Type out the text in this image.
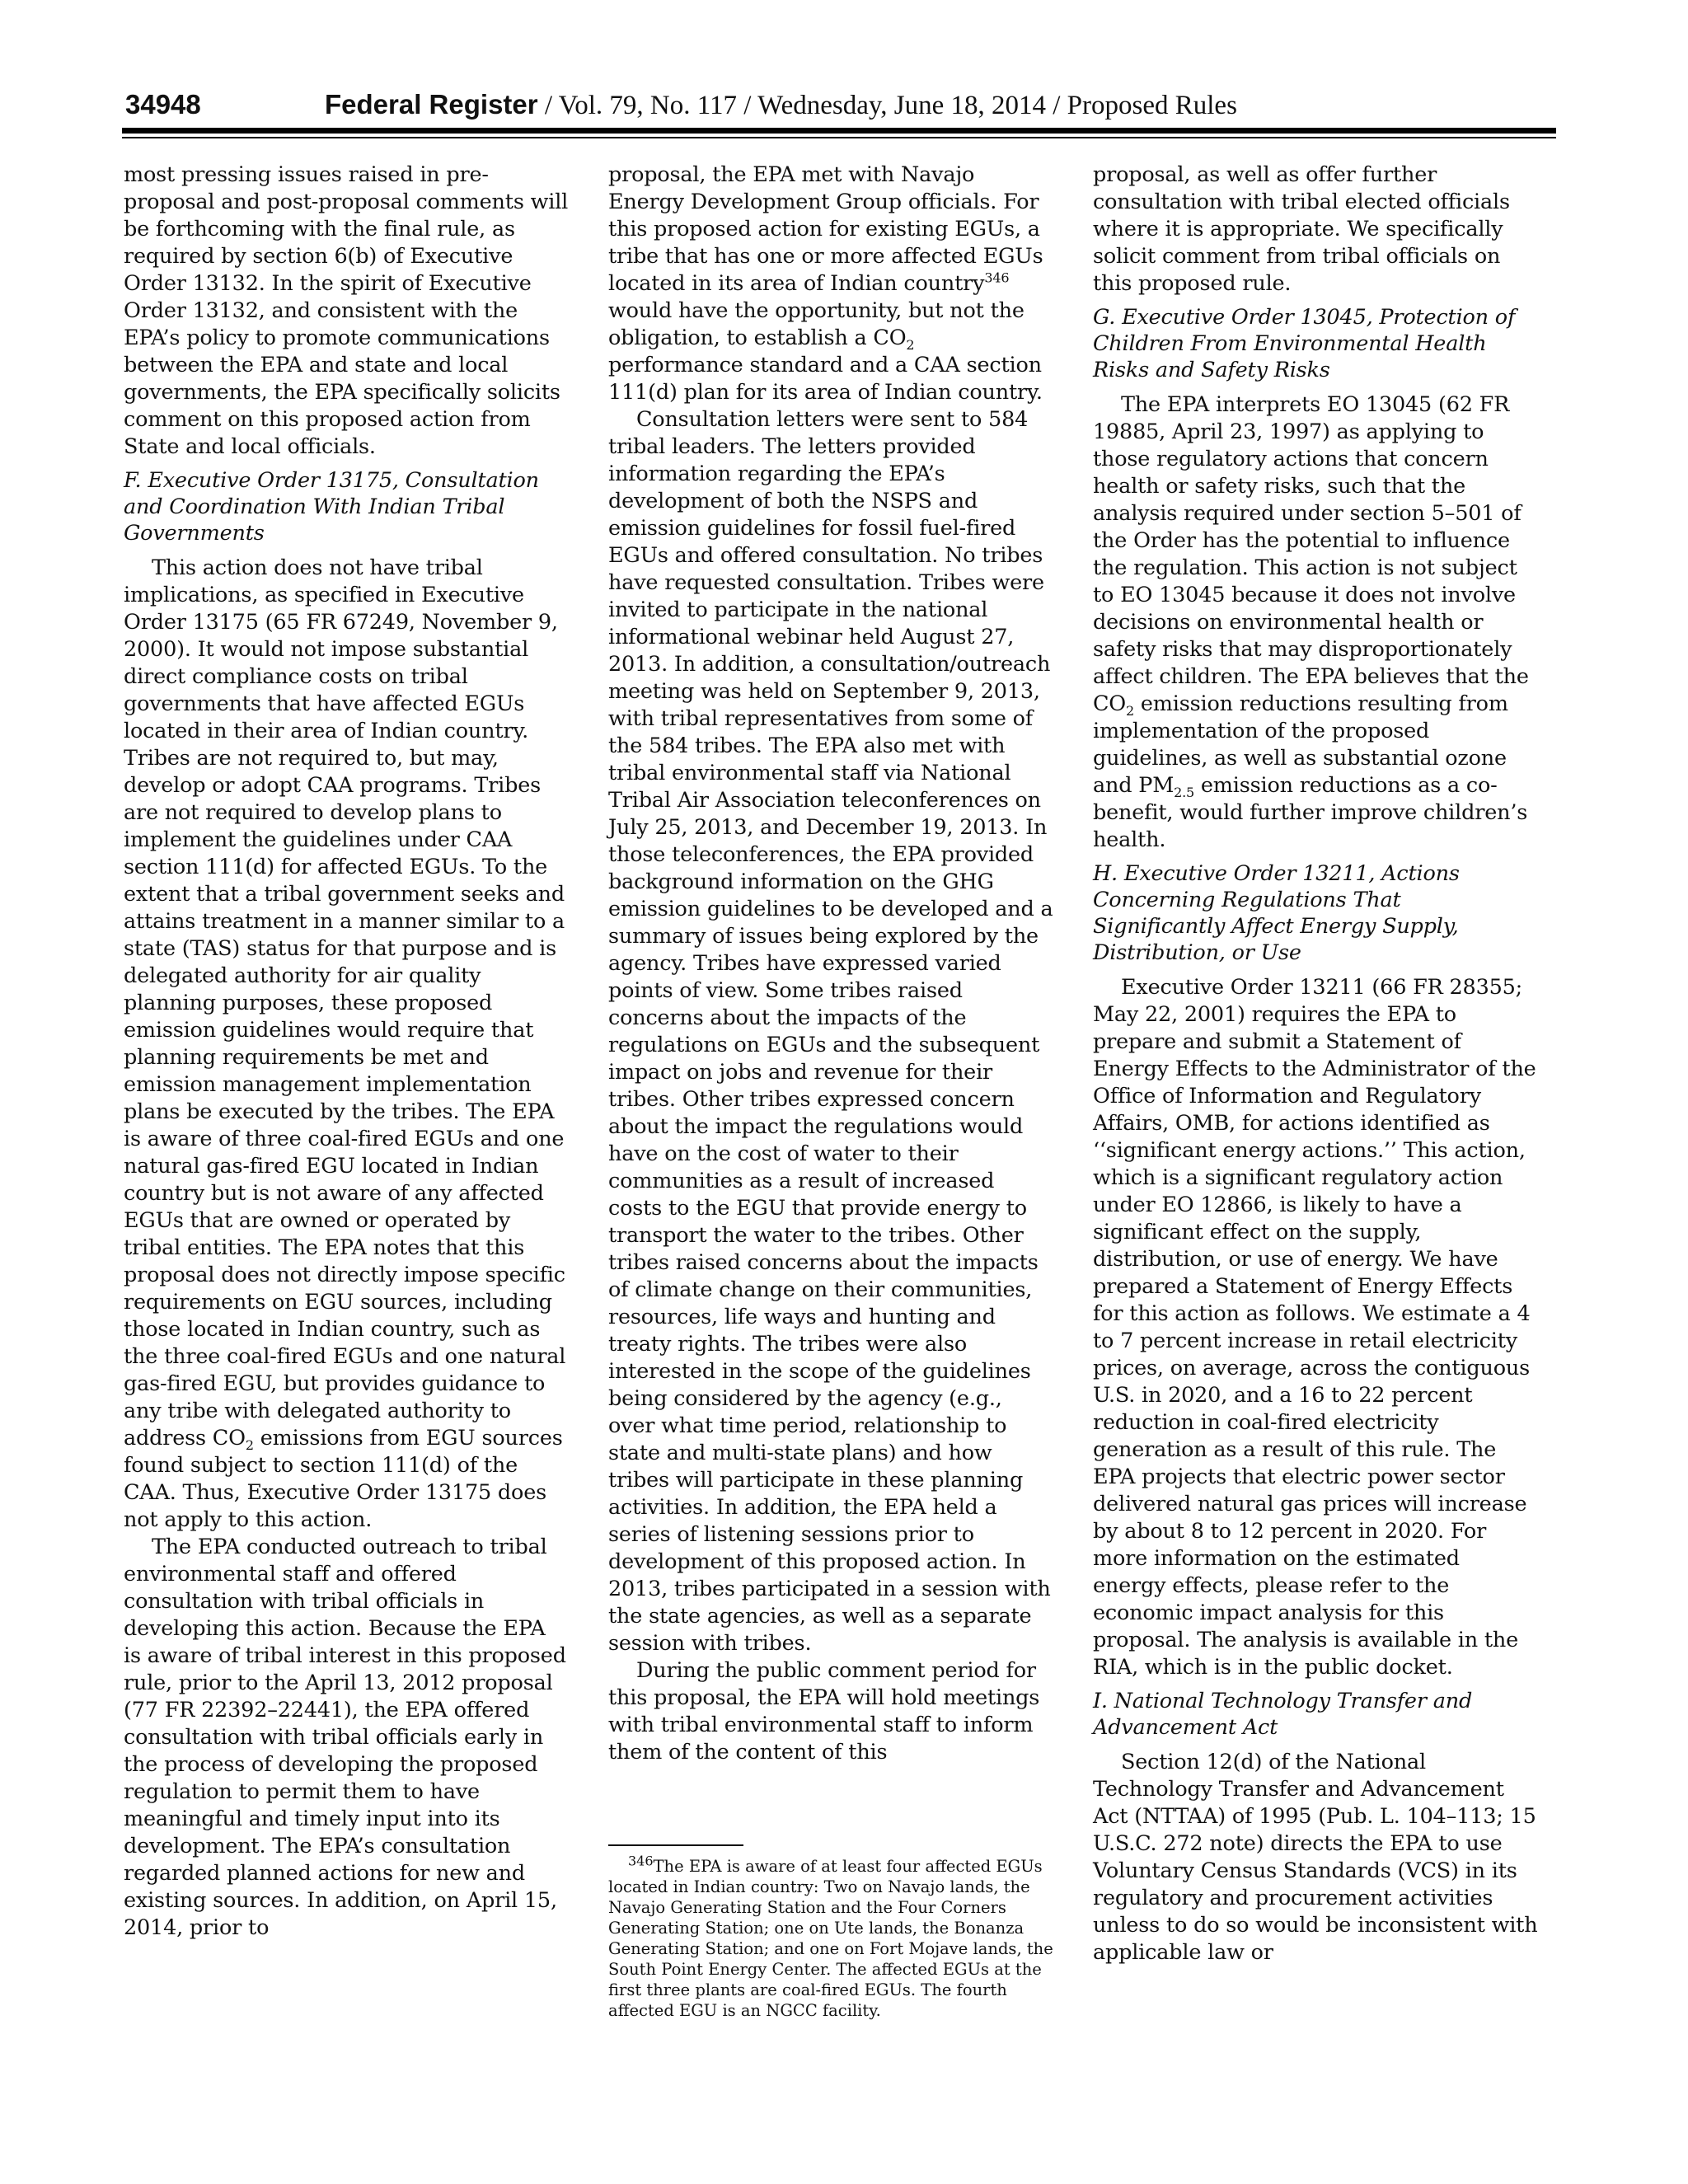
34948	Federal Register / Vol. 79, No. 117 / Wednesday, June 18, 2014 / Proposed Rules

most pressing issues raised in pre-proposal and post-proposal comments will be forthcoming with the final rule, as required by section 6(b) of Executive Order 13132. In the spirit of Executive Order 13132, and consistent with the EPA’s policy to promote communications between the EPA and state and local governments, the EPA specifically solicits comment on this proposed action from State and local officials.

F. Executive Order 13175, Consultation and Coordination With Indian Tribal Governments

This action does not have tribal implications, as specified in Executive Order 13175 (65 FR 67249, November 9, 2000). It would not impose substantial direct compliance costs on tribal governments that have affected EGUs located in their area of Indian country. Tribes are not required to, but may, develop or adopt CAA programs. Tribes are not required to develop plans to implement the guidelines under CAA section 111(d) for affected EGUs. To the extent that a tribal government seeks and attains treatment in a manner similar to a state (TAS) status for that purpose and is delegated authority for air quality planning purposes, these proposed emission guidelines would require that planning requirements be met and emission management implementation plans be executed by the tribes. The EPA is aware of three coal-fired EGUs and one natural gas-fired EGU located in Indian country but is not aware of any affected EGUs that are owned or operated by tribal entities. The EPA notes that this proposal does not directly impose specific requirements on EGU sources, including those located in Indian country, such as the three coal-fired EGUs and one natural gas-fired EGU, but provides guidance to any tribe with delegated authority to address $CO_2$ emissions from EGU sources found subject to section 111(d) of the CAA. Thus, Executive Order 13175 does not apply to this action.

The EPA conducted outreach to tribal environmental staff and offered consultation with tribal officials in developing this action. Because the EPA is aware of tribal interest in this proposed rule, prior to the April 13, 2012 proposal (77 FR 22392–22441), the EPA offered consultation with tribal officials early in the process of developing the proposed regulation to permit them to have meaningful and timely input into its development. The EPA’s consultation regarded planned actions for new and existing sources. In addition, on April 15, 2014, prior to

proposal, the EPA met with Navajo Energy Development Group officials. For this proposed action for existing EGUs, a tribe that has one or more affected EGUs located in its area of Indian country$^{346}$ would have the opportunity, but not the obligation, to establish a $CO_2$ performance standard and a CAA section 111(d) plan for its area of Indian country.

Consultation letters were sent to 584 tribal leaders. The letters provided information regarding the EPA’s development of both the NSPS and emission guidelines for fossil fuel-fired EGUs and offered consultation. No tribes have requested consultation. Tribes were invited to participate in the national informational webinar held August 27, 2013. In addition, a consultation/outreach meeting was held on September 9, 2013, with tribal representatives from some of the 584 tribes. The EPA also met with tribal environmental staff via National Tribal Air Association teleconferences on July 25, 2013, and December 19, 2013. In those teleconferences, the EPA provided background information on the GHG emission guidelines to be developed and a summary of issues being explored by the agency. Tribes have expressed varied points of view. Some tribes raised concerns about the impacts of the regulations on EGUs and the subsequent impact on jobs and revenue for their tribes. Other tribes expressed concern about the impact the regulations would have on the cost of water to their communities as a result of increased costs to the EGU that provide energy to transport the water to the tribes. Other tribes raised concerns about the impacts of climate change on their communities, resources, life ways and hunting and treaty rights. The tribes were also interested in the scope of the guidelines being considered by the agency (e.g., over what time period, relationship to state and multi-state plans) and how tribes will participate in these planning activities. In addition, the EPA held a series of listening sessions prior to development of this proposed action. In 2013, tribes participated in a session with the state agencies, as well as a separate session with tribes.

During the public comment period for this proposal, the EPA will hold meetings with tribal environmental staff to inform them of the content of this

$^{346}$The EPA is aware of at least four affected EGUs located in Indian country: Two on Navajo lands, the Navajo Generating Station and the Four Corners Generating Station; one on Ute lands, the Bonanza Generating Station; and one on Fort Mojave lands, the South Point Energy Center. The affected EGUs at the first three plants are coal-fired EGUs. The fourth affected EGU is an NGCC facility.

proposal, as well as offer further consultation with tribal elected officials where it is appropriate. We specifically solicit comment from tribal officials on this proposed rule.

G. Executive Order 13045, Protection of Children From Environmental Health Risks and Safety Risks

The EPA interprets EO 13045 (62 FR 19885, April 23, 1997) as applying to those regulatory actions that concern health or safety risks, such that the analysis required under section 5–501 of the Order has the potential to influence the regulation. This action is not subject to EO 13045 because it does not involve decisions on environmental health or safety risks that may disproportionately affect children. The EPA believes that the $CO_2$ emission reductions resulting from implementation of the proposed guidelines, as well as substantial ozone and $PM_{2.5}$ emission reductions as a co-benefit, would further improve children’s health.

H. Executive Order 13211, Actions Concerning Regulations That Significantly Affect Energy Supply, Distribution, or Use

Executive Order 13211 (66 FR 28355; May 22, 2001) requires the EPA to prepare and submit a Statement of Energy Effects to the Administrator of the Office of Information and Regulatory Affairs, OMB, for actions identified as ‘‘significant energy actions.’’ This action, which is a significant regulatory action under EO 12866, is likely to have a significant effect on the supply, distribution, or use of energy. We have prepared a Statement of Energy Effects for this action as follows. We estimate a 4 to 7 percent increase in retail electricity prices, on average, across the contiguous U.S. in 2020, and a 16 to 22 percent reduction in coal-fired electricity generation as a result of this rule. The EPA projects that electric power sector delivered natural gas prices will increase by about 8 to 12 percent in 2020. For more information on the estimated energy effects, please refer to the economic impact analysis for this proposal. The analysis is available in the RIA, which is in the public docket.

I. National Technology Transfer and Advancement Act

Section 12(d) of the National Technology Transfer and Advancement Act (NTTAA) of 1995 (Pub. L. 104–113; 15 U.S.C. 272 note) directs the EPA to use Voluntary Census Standards (VCS) in its regulatory and procurement activities unless to do so would be inconsistent with applicable law or
